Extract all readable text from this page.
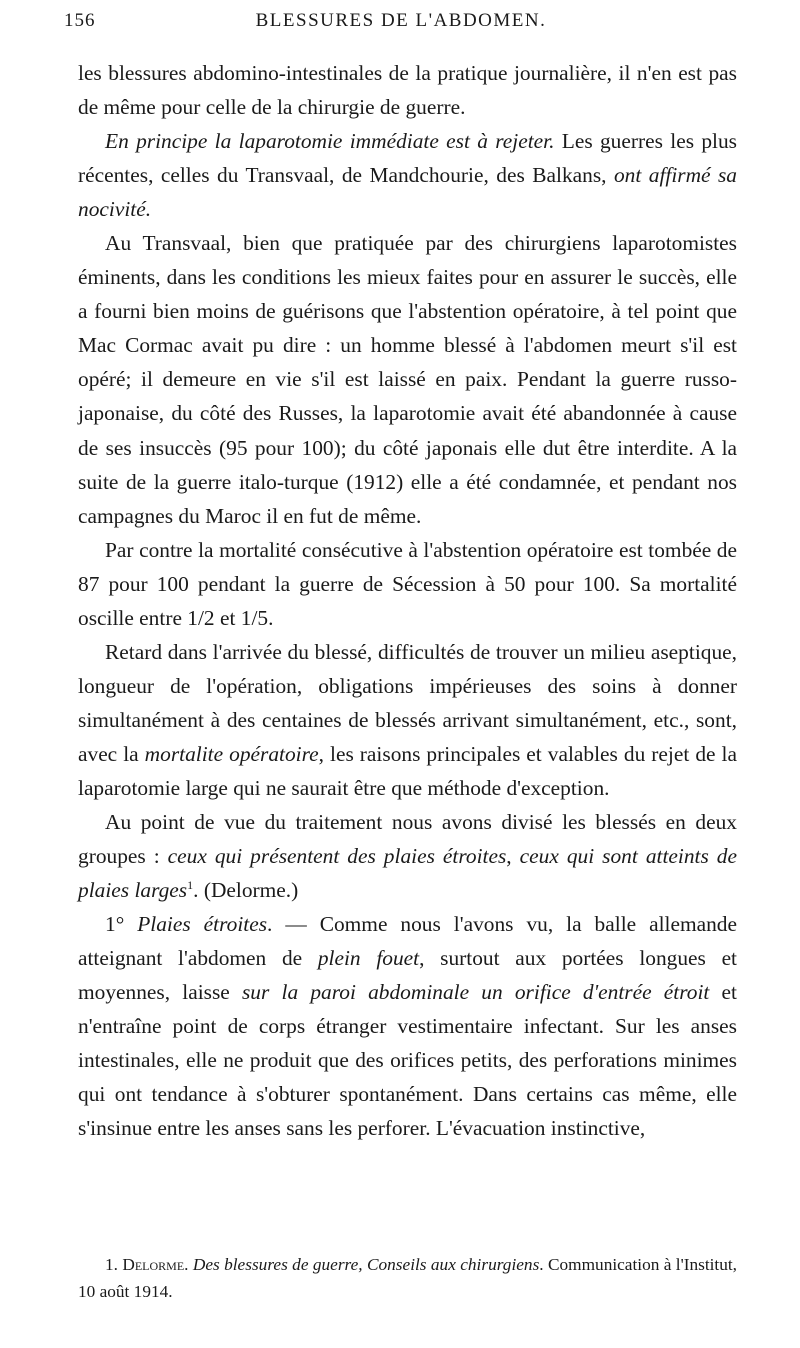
156	BLESSURES DE L'ABDOMEN.

les blessures abdomino-intestinales de la pratique journalière, il n'en est pas de même pour celle de la chirurgie de guerre.

En principe la laparotomie immédiate est à rejeter. Les guerres les plus récentes, celles du Transvaal, de Mandchourie, des Balkans, ont affirmé sa nocivité.

Au Transvaal, bien que pratiquée par des chirurgiens laparotomistes éminents, dans les conditions les mieux faites pour en assurer le succès, elle a fourni bien moins de guérisons que l'abstention opératoire, à tel point que Mac Cormac avait pu dire : un homme blessé à l'abdomen meurt s'il est opéré; il demeure en vie s'il est laissé en paix. Pendant la guerre russo-japonaise, du côté des Russes, la laparotomie avait été abandonnée à cause de ses insuccès (95 pour 100); du côté japonais elle dut être interdite. A la suite de la guerre italo-turque (1912) elle a été condamnée, et pendant nos campagnes du Maroc il en fut de même.

Par contre la mortalité consécutive à l'abstention opératoire est tombée de 87 pour 100 pendant la guerre de Sécession à 50 pour 100. Sa mortalité oscille entre 1/2 et 1/5.

Retard dans l'arrivée du blessé, difficultés de trouver un milieu aseptique, longueur de l'opération, obligations impérieuses des soins à donner simultanément à des centaines de blessés arrivant simultanément, etc., sont, avec la mortalite opératoire, les raisons principales et valables du rejet de la laparotomie large qui ne saurait être que méthode d'exception.

Au point de vue du traitement nous avons divisé les blessés en deux groupes : ceux qui présentent des plaies étroites, ceux qui sont atteints de plaies larges$^1$. (Delorme.)

1° Plaies étroites. — Comme nous l'avons vu, la balle allemande atteignant l'abdomen de plein fouet, surtout aux portées longues et moyennes, laisse sur la paroi abdominale un orifice d'entrée étroit et n'entraîne point de corps étranger vestimentaire infectant. Sur les anses intestinales, elle ne produit que des orifices petits, des perforations minimes qui ont tendance à s'obturer spontanément. Dans certains cas même, elle s'insinue entre les anses sans les perforer. L'évacuation instinctive,

1. Delorme. Des blessures de guerre, Conseils aux chirurgiens. Communication à l'Institut, 10 août 1914.
